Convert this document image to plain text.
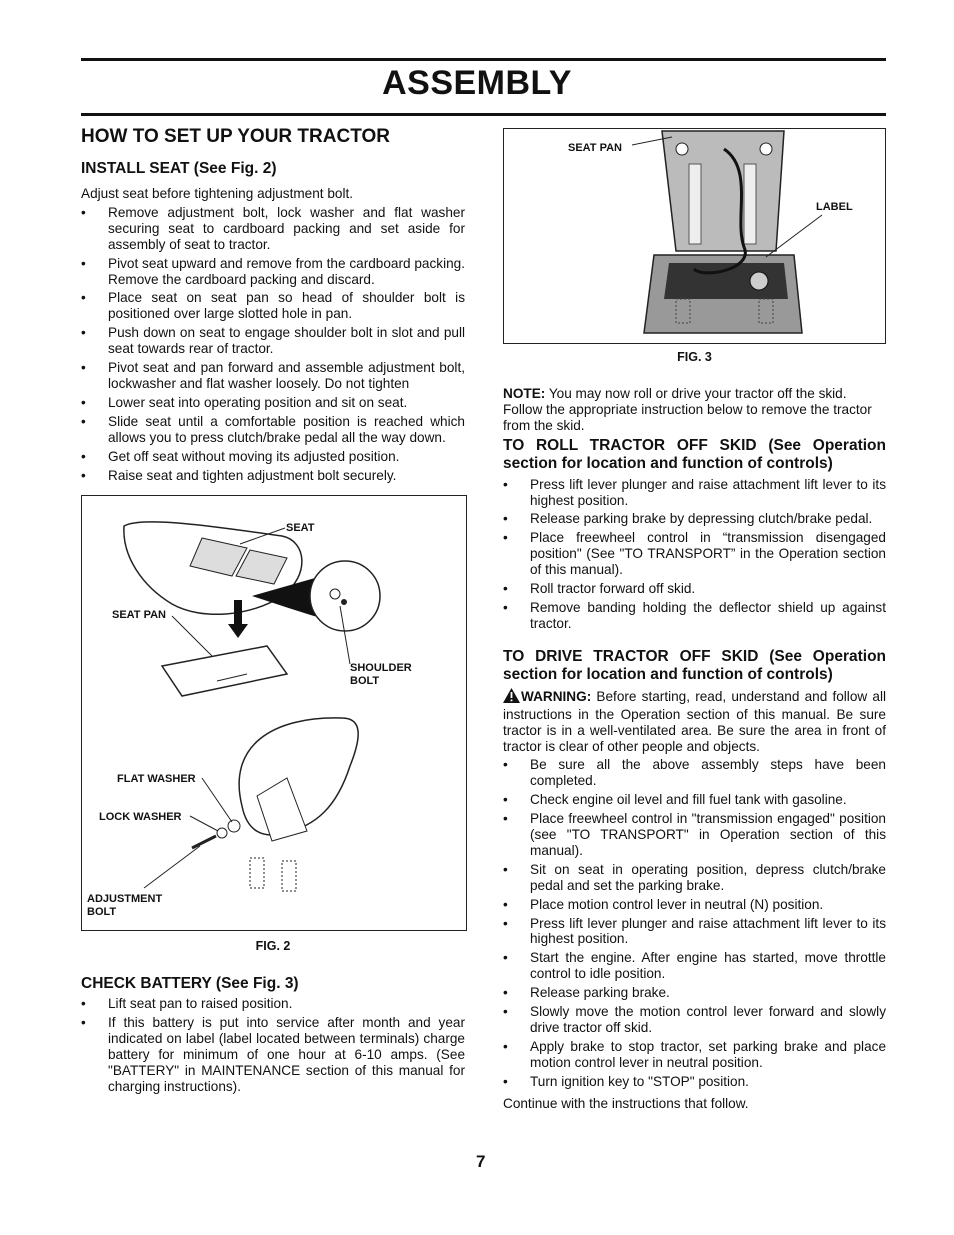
ASSEMBLY
HOW TO SET UP YOUR TRACTOR
INSTALL SEAT (See Fig. 2)

Adjust seat before tightening adjustment bolt.

• Remove adjustment bolt, lock washer and flat washer securing seat to cardboard packing and set aside for assembly of seat to tractor.
• Pivot seat upward and remove from the cardboard packing. Remove the cardboard packing and discard.
• Place seat on seat pan so head of shoulder bolt is positioned over large slotted hole in pan.
• Push down on seat to engage shoulder bolt in slot and pull seat towards rear of tractor.
• Pivot seat and pan forward and assemble adjustment bolt, lockwasher and flat washer loosely. Do not tighten
• Lower seat into operating position and sit on seat.
• Slide seat until a comfortable position is reached which allows you to press clutch/brake pedal all the way down.
• Get off seat without moving its adjusted position.
• Raise seat and tighten adjustment bolt securely.
SEAT
SEAT PAN
SHOULDER
BOLT
FLAT WASHER
LOCK WASHER
ADJUSTMENT
BOLT
FIG. 2
CHECK BATTERY (See Fig. 3)
• Lift seat pan to raised position.
• If this battery is put into service after month and year indicated on label (label located between terminals) charge battery for minimum of one hour at 6-10 amps. (See "BATTERY" in MAINTENANCE section of this manual for charging instructions).
SEAT PAN
LABEL
FIG. 3

NOTE: You may now roll or drive your tractor off the skid. Follow the appropriate instruction below to remove the tractor from the skid.

TO ROLL TRACTOR OFF SKID (See Operation section for location and function of controls)
• Press lift lever plunger and raise attachment lift lever to its highest position.
• Release parking brake by depressing clutch/brake pedal.
• Place freewheel control in “transmission disengaged position" (See "TO TRANSPORT” in the Operation section of this manual).
• Roll tractor forward off skid.
• Remove banding holding the deflector shield up against tractor.
TO DRIVE TRACTOR OFF SKID (See Operation section for location and function of controls)

WARNING: Before starting, read, understand and follow all instructions in the Operation section of this manual. Be sure tractor is in a well-ventilated area. Be sure the area in front of tractor is clear of other people and objects.

• Be sure all the above assembly steps have been completed.
• Check engine oil level and fill fuel tank with gasoline.
• Place freewheel control in "transmission engaged" position (see "TO TRANSPORT" in Operation section of this manual).
• Sit on seat in operating position, depress clutch/brake pedal and set the parking brake.
• Place motion control lever in neutral (N) position.
• Press lift lever plunger and raise attachment lift lever to its highest position.
• Start the engine. After engine has started, move throttle control to idle position.
• Release parking brake.
• Slowly move the motion control lever forward and slowly drive tractor off skid.
• Apply brake to stop tractor, set parking brake and place motion control lever in neutral position.
• Turn ignition key to "STOP" position.

Continue with the instructions that follow.

7
